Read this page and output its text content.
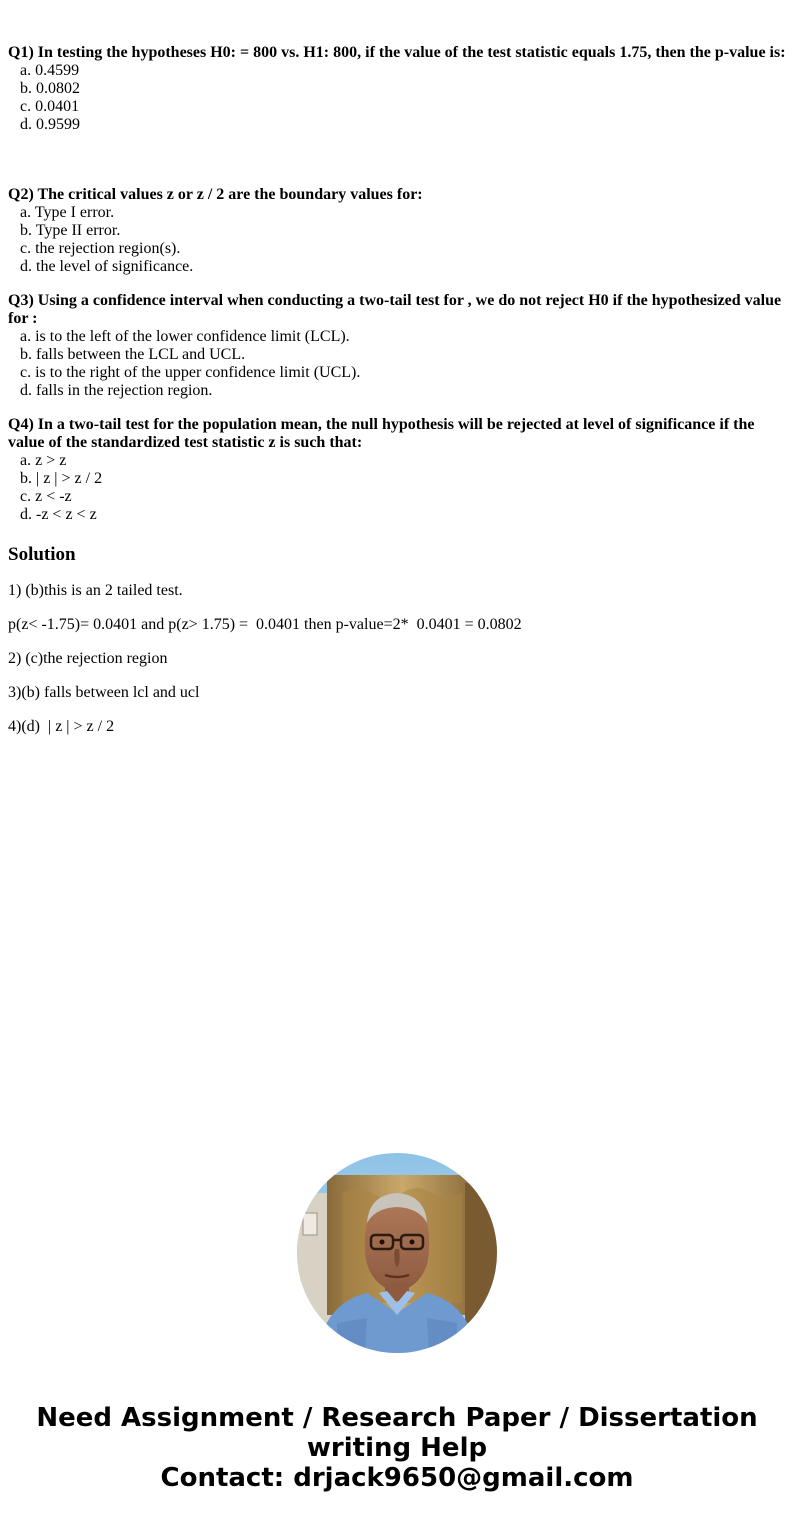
Q1) In testing the hypotheses H0: = 800 vs. H1: 800, if the value of the test statistic equals 1.75, then the p-value is:
a. 0.4599
b. 0.0802
c. 0.0401
d. 0.9599
Q2) The critical values z or z / 2 are the boundary values for:
a. Type I error.
b. Type II error.
c. the rejection region(s).
d. the level of significance.
Q3) Using a confidence interval when conducting a two-tail test for , we do not reject H0 if the hypothesized value for :
a. is to the left of the lower confidence limit (LCL).
b. falls between the LCL and UCL.
c. is to the right of the upper confidence limit (UCL).
d. falls in the rejection region.
Q4) In a two-tail test for the population mean, the null hypothesis will be rejected at level of significance if the value of the standardized test statistic z is such that:
a. z > z
b. | z | > z / 2
c. z < -z
d. -z < z < z
Solution

1) (b)this is an 2 tailed test.

p(z< -1.75)= 0.0401 and p(z> 1.75) =  0.0401 then p-value=2*  0.0401 = 0.0802

2) (c)the rejection region

3)(b) falls between lcl and ucl

4)(d)  | z | > z / 2

Need Assignment / Research Paper / Dissertation writing Help
Contact: drjack9650@gmail.com
